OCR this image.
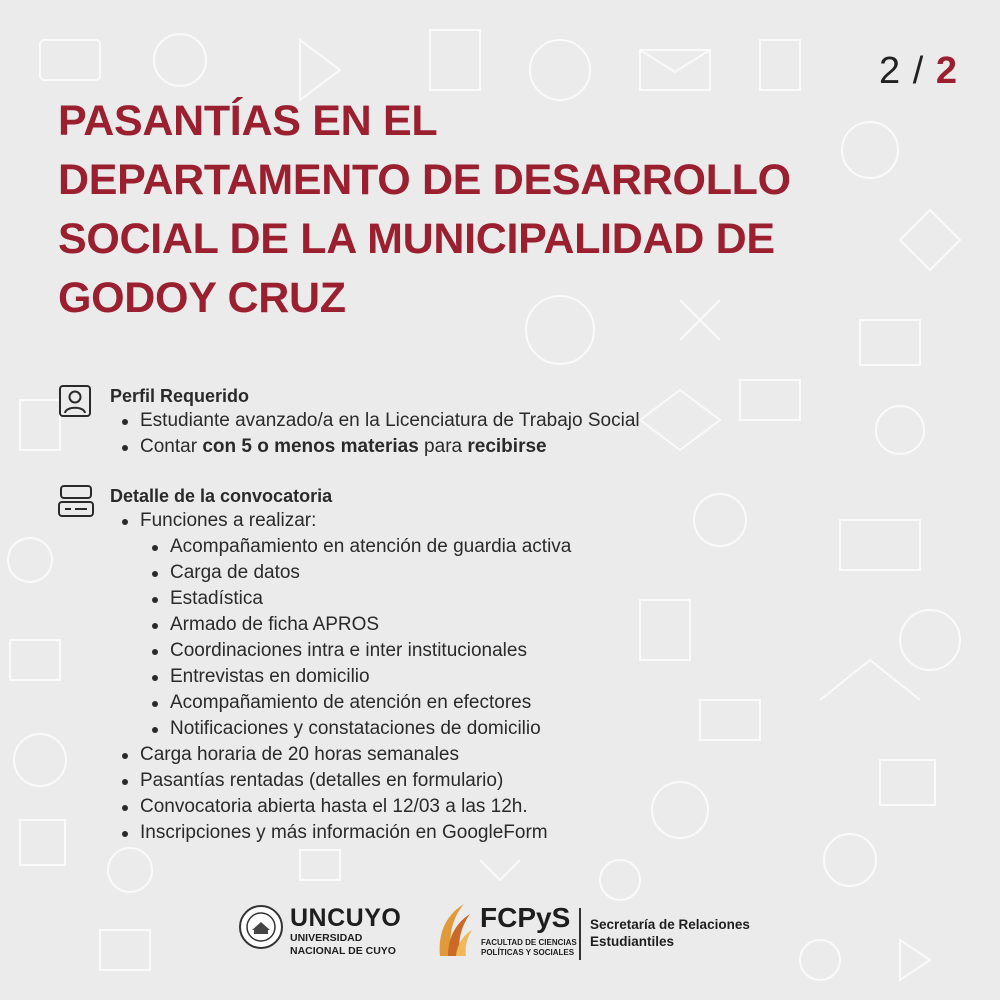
2 / 2
PASANTÍAS EN EL
DEPARTAMENTO DE DESARROLLO
SOCIAL DE LA MUNICIPALIDAD DE
GODOY CRUZ
Perfil Requerido
Estudiante avanzado/a en la Licenciatura de Trabajo Social
Contar con 5 o menos materias para recibirse
Detalle de la convocatoria
Funciones a realizar:
Acompañamiento en atención de guardia activa
Carga de datos
Estadística
Armado de ficha APROS
Coordinaciones intra e inter institucionales
Entrevistas en domicilio
Acompañamiento de atención en efectores
Notificaciones y constataciones de domicilio
Carga horaria de 20 horas semanales
Pasantías rentadas (detalles en formulario)
Convocatoria abierta hasta el 12/03 a las 12h.
Inscripciones y más información en GoogleForm
UNCUYO
UNIVERSIDAD
NACIONAL DE CUYO
FCPyS
FACULTAD DE CIENCIAS
POLÍTICAS Y SOCIALES
Secretaría de Relaciones
Estudiantiles
